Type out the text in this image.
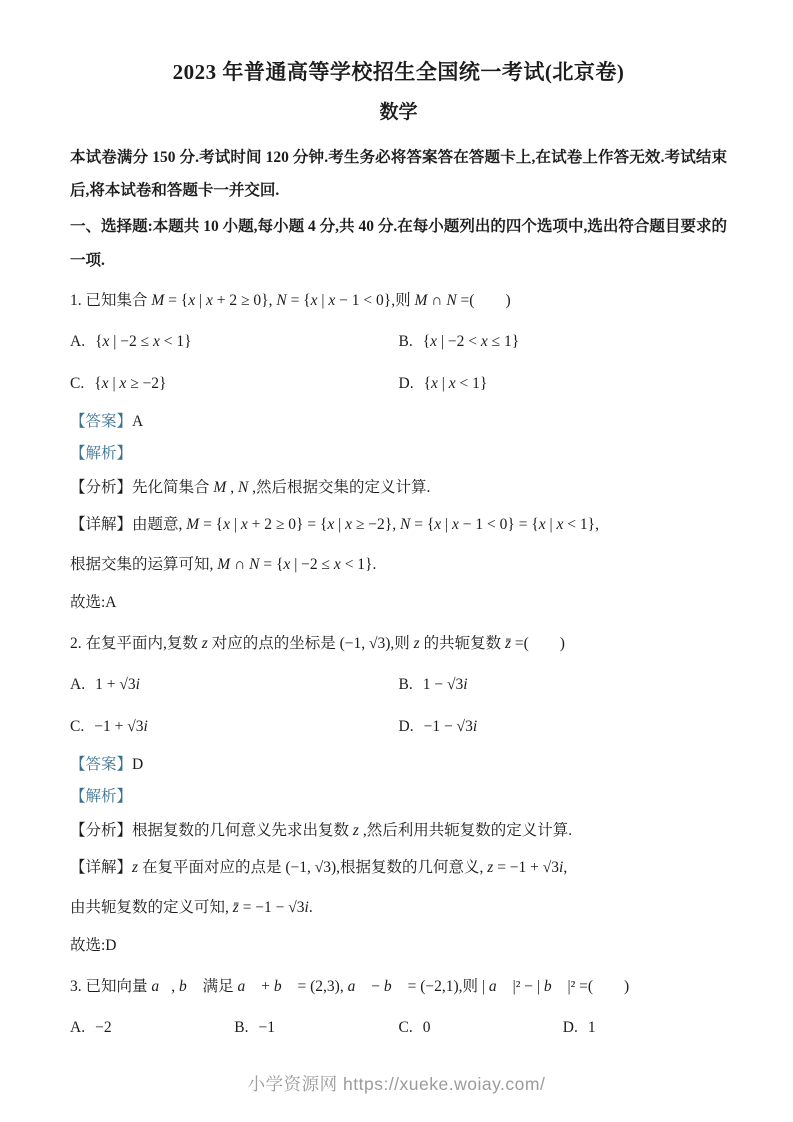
2023 年普通高等学校招生全国统一考试(北京卷)
数学

本试卷满分 150 分.考试时间 120 分钟.考生务必将答案答在答题卡上,在试卷上作答无效.考试结束后,将本试卷和答题卡一并交回.

一、选择题:本题共 10 小题,每小题 4 分,共 40 分.在每小题列出的四个选项中,选出符合题目要求的一项.

1. 已知集合 M = {x | x + 2 ≥ 0}, N = {x | x − 1 < 0},则 M ∩ N =(　　)

A. {x | −2 ≤ x < 1}	B. {x | −2 < x ≤ 1}
C. {x | x ≥ −2}	D. {x | x < 1}

【答案】A

【解析】

【分析】先化简集合 M , N ,然后根据交集的定义计算.

【详解】由题意, M = {x | x + 2 ≥ 0} = {x | x ≥ −2}, N = {x | x − 1 < 0} = {x | x < 1},

根据交集的运算可知, M ∩ N = {x | −2 ≤ x < 1}.

故选:A

2. 在复平面内,复数 z 对应的点的坐标是 (−1, √3),则 z 的共轭复数 z̄ =(　　)

A. 1 + √3i	B. 1 − √3i
C. −1 + √3i	D. −1 − √3i

【答案】D

【解析】

【分析】根据复数的几何意义先求出复数 z ,然后利用共轭复数的定义计算.

【详解】z 在复平面对应的点是 (−1, √3),根据复数的几何意义, z = −1 + √3i,

由共轭复数的定义可知, z̄ = −1 − √3i.

故选:D

3. 已知向量 a⃗, b⃗ 满足 a⃗ + b⃗ = (2,3), a⃗ − b⃗ = (−2,1),则 | a⃗ |² − | b⃗ |² =(　　)

A. −2	B. −1	C. 0	D. 1
小学资源网 https://xueke.woiay.com/
